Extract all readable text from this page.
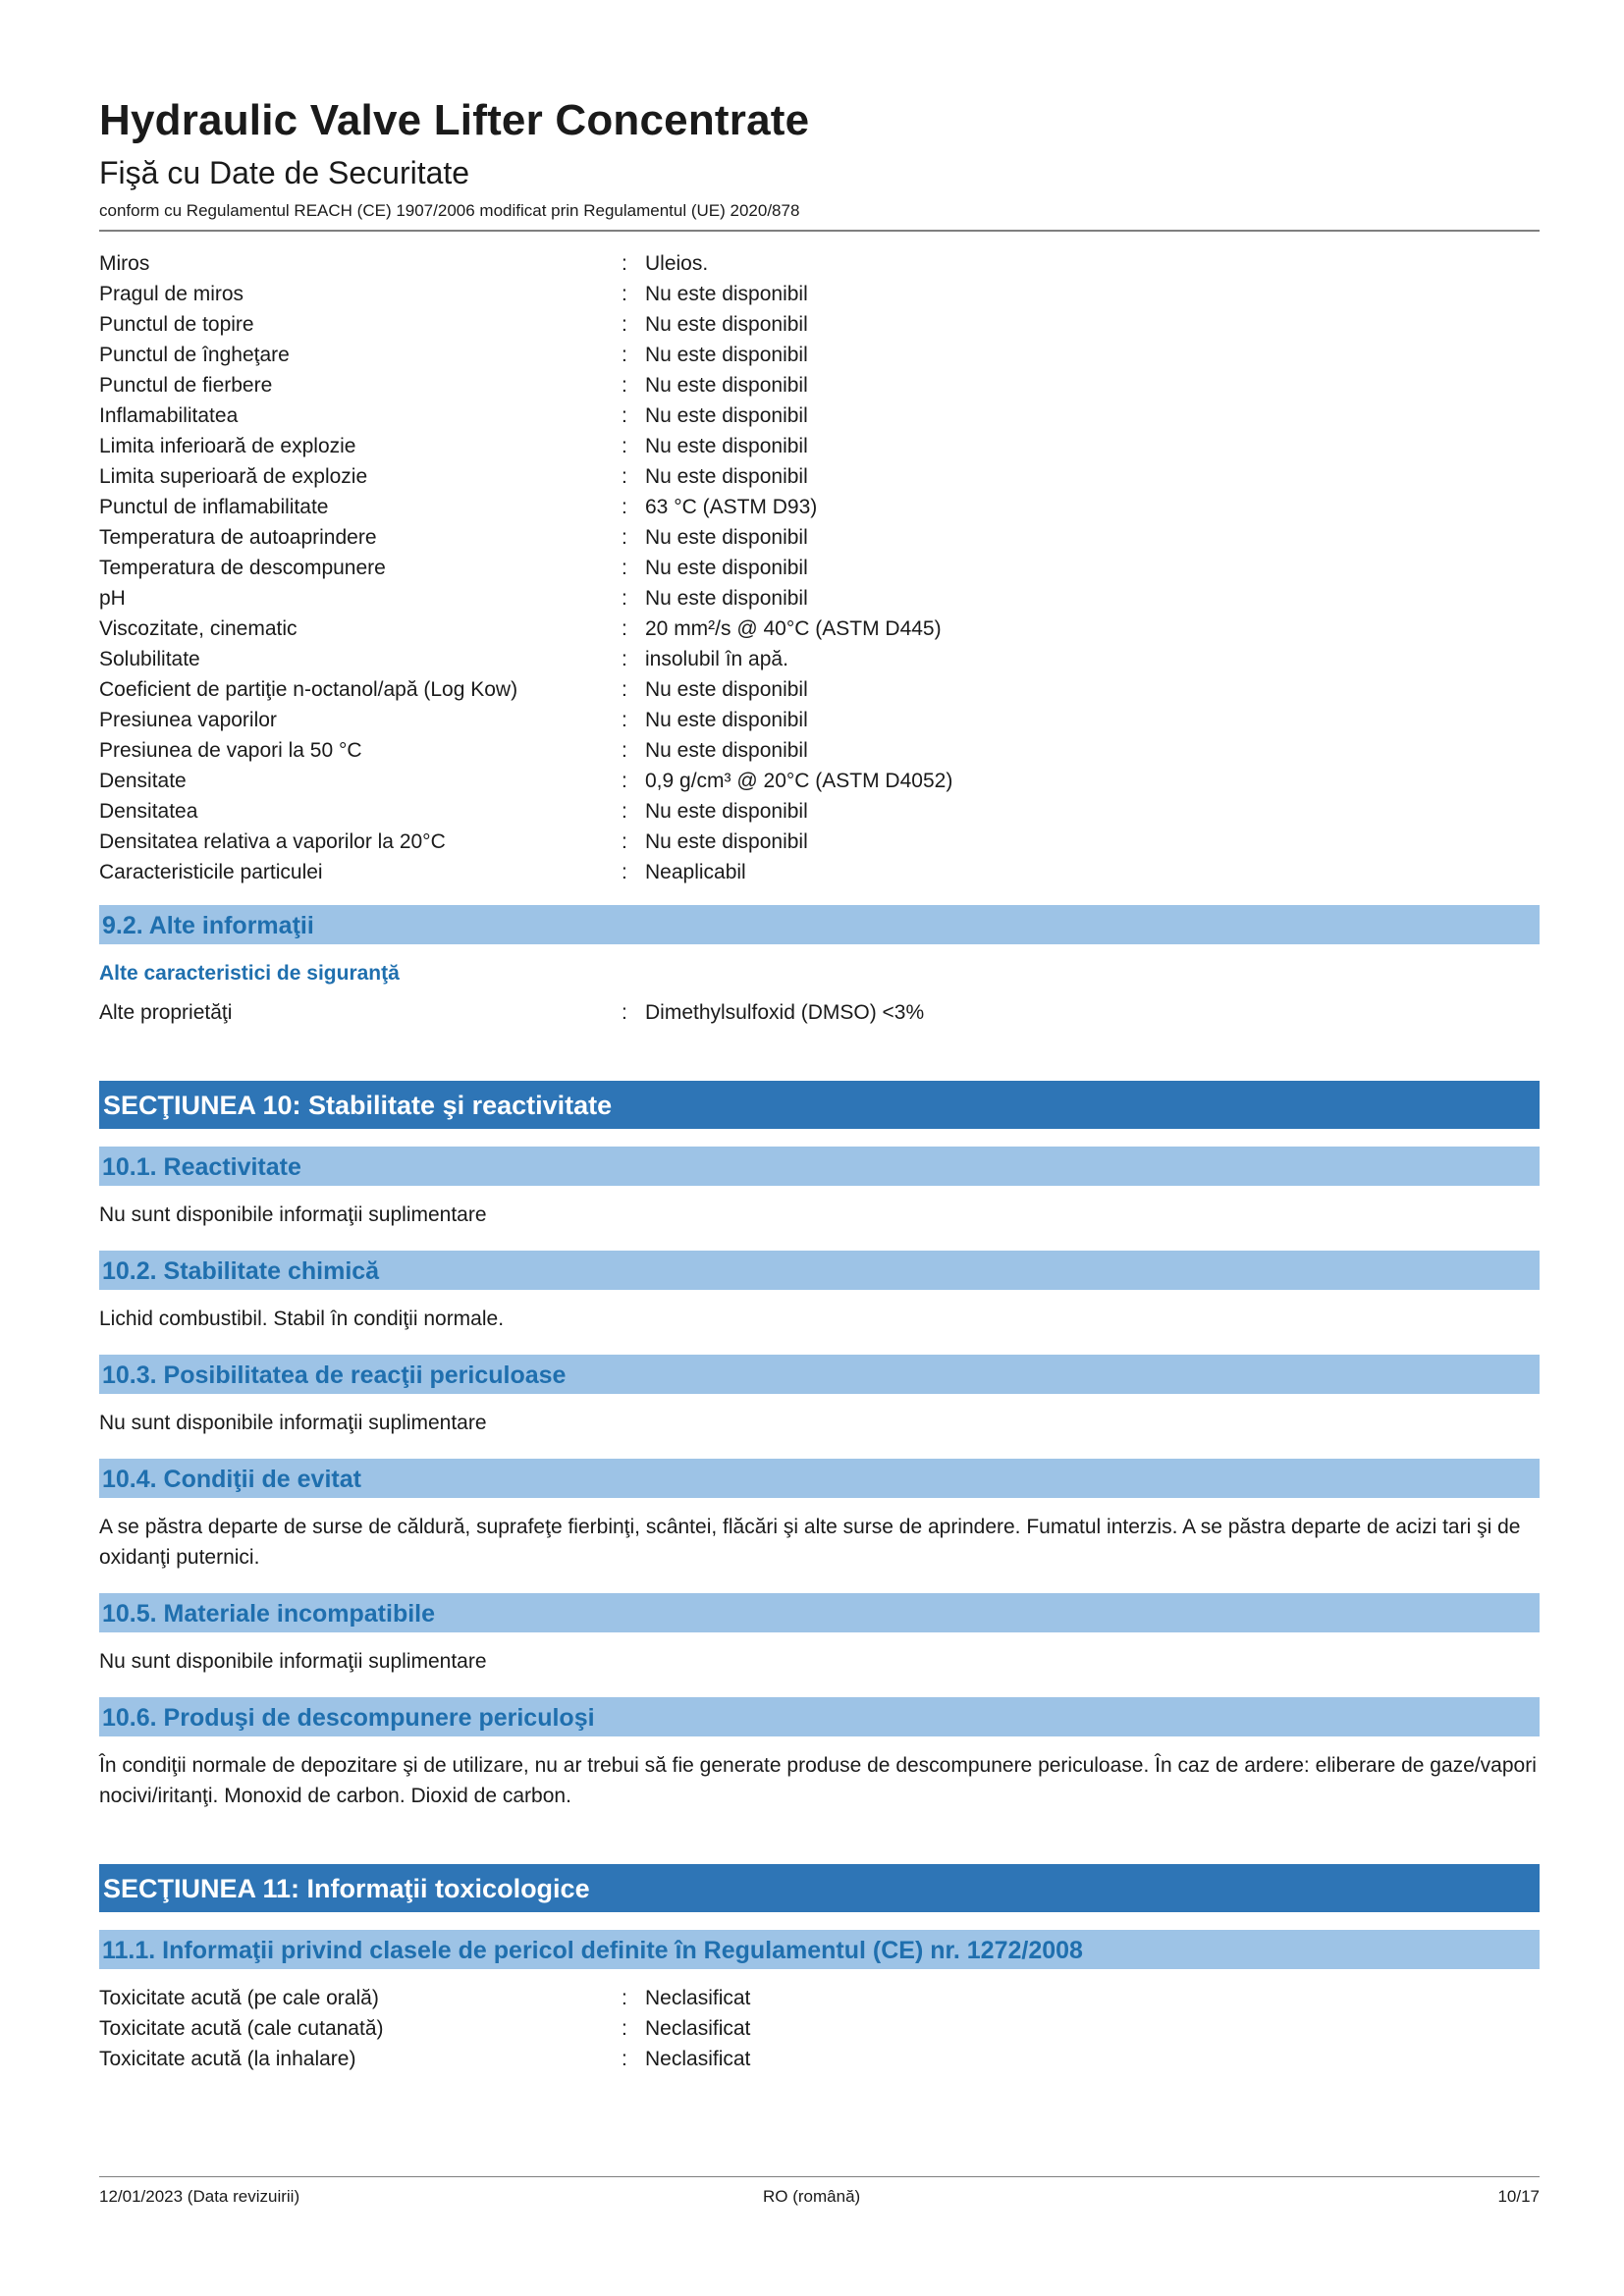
Hydraulic Valve Lifter Concentrate
Fişă cu Date de Securitate
conform cu Regulamentul REACH (CE) 1907/2006 modificat prin Regulamentul (UE) 2020/878
Miros	: Uleios.
Pragul de miros	: Nu este disponibil
Punctul de topire	: Nu este disponibil
Punctul de îngheţare	: Nu este disponibil
Punctul de fierbere	: Nu este disponibil
Inflamabilitatea	: Nu este disponibil
Limita inferioară de explozie	: Nu este disponibil
Limita superioară de explozie	: Nu este disponibil
Punctul de inflamabilitate	: 63 °C (ASTM D93)
Temperatura de autoaprindere	: Nu este disponibil
Temperatura de descompunere	: Nu este disponibil
pH	: Nu este disponibil
Viscozitate, cinematic	: 20 mm²/s @ 40°C (ASTM D445)
Solubilitate	: insolubil în apă.
Coeficient de partiţie n-octanol/apă (Log Kow)	: Nu este disponibil
Presiunea vaporilor	: Nu este disponibil
Presiunea de vapori la 50 °C	: Nu este disponibil
Densitate	: 0,9 g/cm³ @ 20°C (ASTM D4052)
Densitatea	: Nu este disponibil
Densitatea relativa a vaporilor la 20°C	: Nu este disponibil
Caracteristicile particulei	: Neaplicabil
9.2. Alte informaţii
Alte caracteristici de siguranţă
Alte proprietăţi	: Dimethylsulfoxid (DMSO) <3%
SECŢIUNEA 10: Stabilitate şi reactivitate
10.1. Reactivitate
Nu sunt disponibile informaţii suplimentare
10.2. Stabilitate chimică
Lichid combustibil. Stabil în condiţii normale.
10.3. Posibilitatea de reacţii periculoase
Nu sunt disponibile informaţii suplimentare
10.4. Condiţii de evitat
A se păstra departe de surse de căldură, suprafeţe fierbinţi, scântei, flăcări şi alte surse de aprindere. Fumatul interzis. A se păstra departe de acizi tari şi de oxidanţi puternici.
10.5. Materiale incompatibile
Nu sunt disponibile informaţii suplimentare
10.6. Produşi de descompunere periculoşi
În condiţii normale de depozitare şi de utilizare, nu ar trebui să fie generate produse de descompunere periculoase. În caz de ardere: eliberare de gaze/vapori nocivi/iritanţi. Monoxid de carbon. Dioxid de carbon.
SECŢIUNEA 11: Informaţii toxicologice
11.1. Informaţii privind clasele de pericol definite în Regulamentul (CE) nr. 1272/2008
Toxicitate acută (pe cale orală)	: Neclasificat
Toxicitate acută (cale cutanată)	: Neclasificat
Toxicitate acută (la inhalare)	: Neclasificat
12/01/2023 (Data revizuirii)	RO (română)	10/17
